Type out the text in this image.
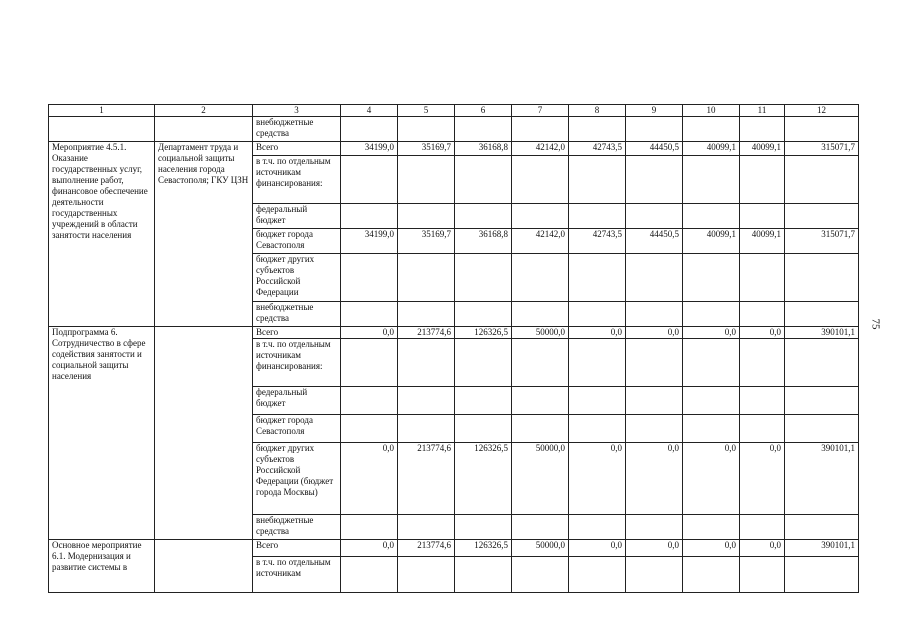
1	2	3	4	5	6	7	8	9	10	11	12
		внебюджетные средства									
Мероприятие 4.5.1. Оказание государственных услуг, выполнение работ, финансовое обеспечение деятельности государственных учреждений в области занятости населения	Департамент труда и социальной защиты населения города Севастополя; ГКУ ЦЗН	Всего	34199,0	35169,7	36168,8	42142,0	42743,5	44450,5	40099,1	40099,1	315071,7
		в т.ч. по отдельным источникам финансирования:									
		федеральный бюджет									
		бюджет города Севастополя	34199,0	35169,7	36168,8	42142,0	42743,5	44450,5	40099,1	40099,1	315071,7
		бюджет других субъектов Российской Федерации									
		внебюджетные средства									
Подпрограмма 6. Сотрудничество в сфере содействия занятости и социальной защиты населения		Всего	0,0	213774,6	126326,5	50000,0	0,0	0,0	0,0	0,0	390101,1
		в т.ч. по отдельным источникам финансирования:									
		федеральный бюджет									
		бюджет города Севастополя									
		бюджет других субъектов Российской Федерации (бюджет города Москвы)	0,0	213774,6	126326,5	50000,0	0,0	0,0	0,0	0,0	390101,1
		внебюджетные средства									
Основное мероприятие 6.1. Модернизация и развитие системы в		Всего	0,0	213774,6	126326,5	50000,0	0,0	0,0	0,0	0,0	390101,1
		в т.ч. по отдельным источникам									
75
